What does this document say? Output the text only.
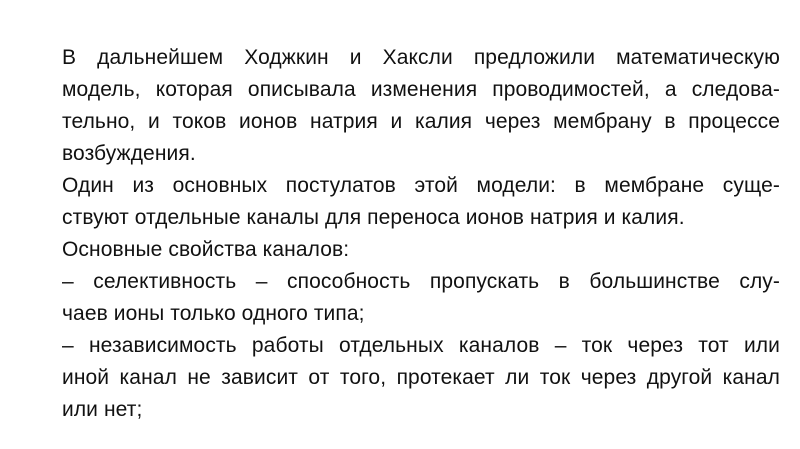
В дальнейшем Ходжкин и Хаксли предложили математическую
модель, которая описывала изменения проводимостей, а следова-
тельно, и токов ионов натрия и калия через мембрану в процессе
возбуждения.
Один из основных постулатов этой модели: в мембране суще-
ствуют отдельные каналы для переноса ионов натрия и калия.
Основные свойства каналов:
– селективность – способность пропускать в большинстве слу-
чаев ионы только одного типа;
– независимость работы отдельных каналов – ток через тот или
иной канал не зависит от того, протекает ли ток через другой канал
или нет;
